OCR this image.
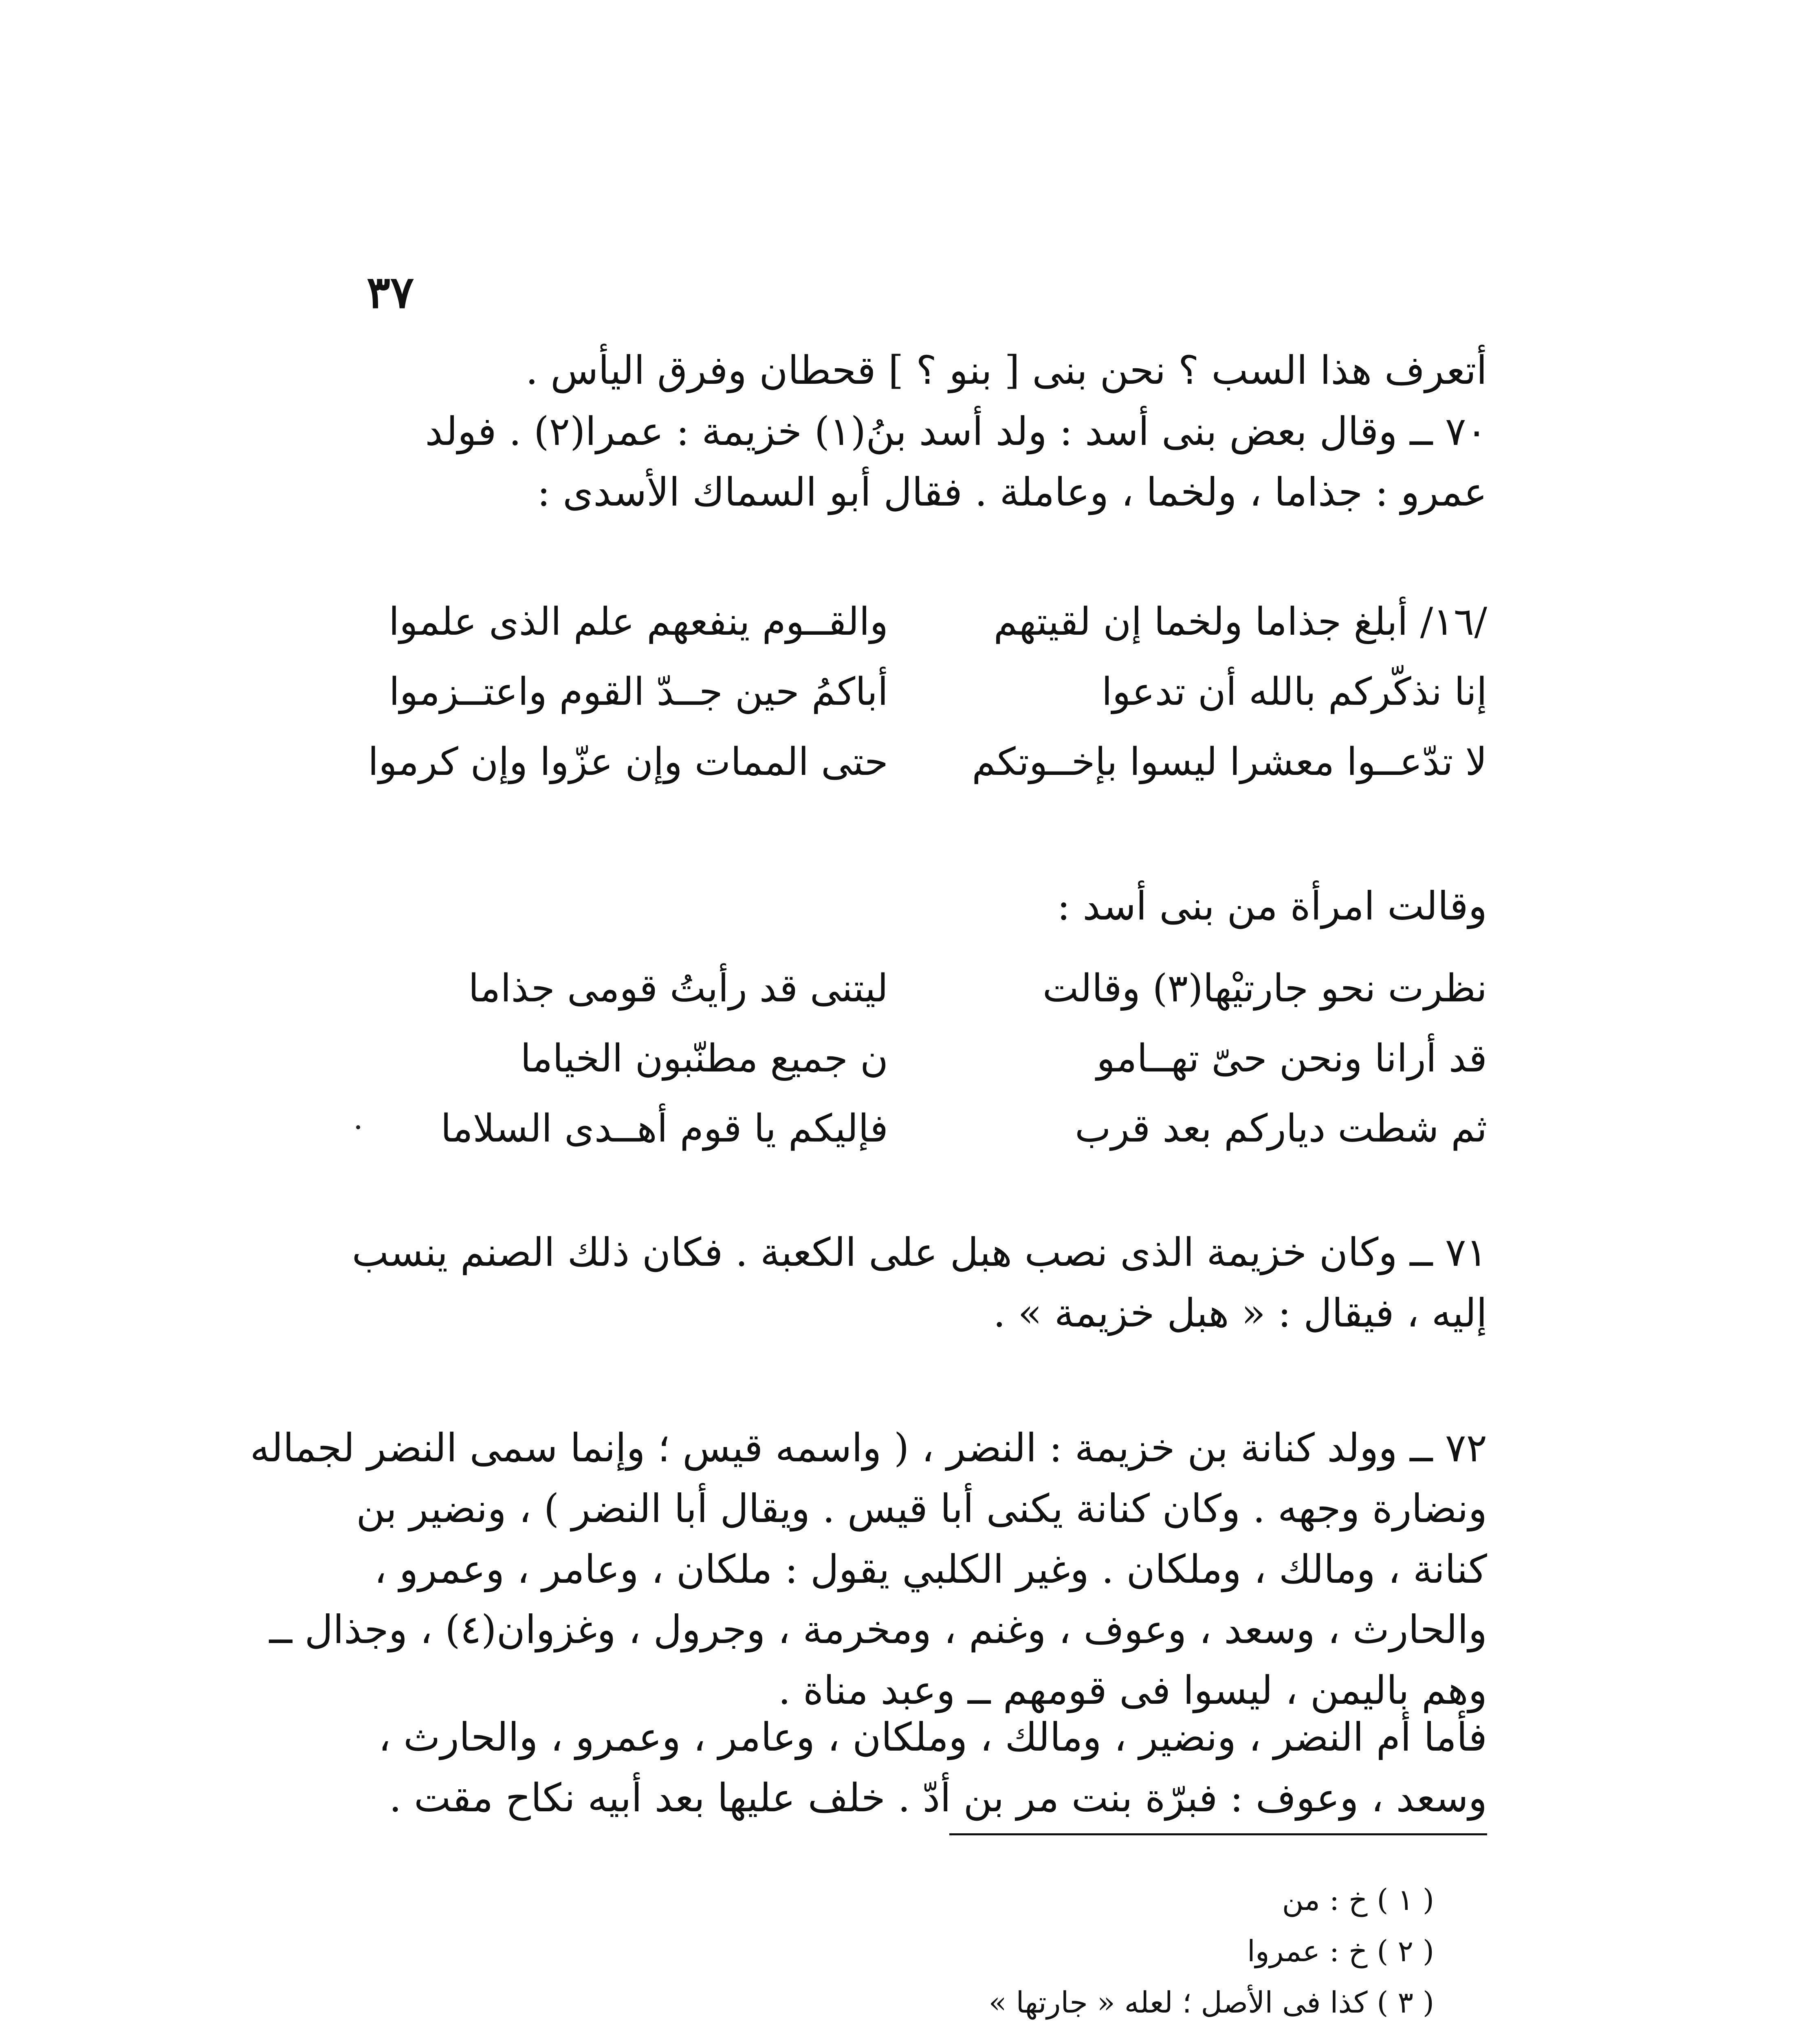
٣٧
أتعرف هذا السب ؟ نحن بنى [ بنو ؟ ] قحطان وفرق اليأس .
٧٠ ــ وقال بعض بنى أسد : ولد أسد بنُ(١) خزيمة : عمرا(٢) . فولد
عمرو : جذاما ، ولخما ، وعاملة . فقال أبو السماك الأسدى :
/١٦/ أبلغ جذاما ولخما إن لقيتهم
والقــوم ينفعهم علم الذى علموا
إنا نذكّركم بالله أن تدعوا
أباكمُ حين جــدّ القوم واعتــزموا
لا تدّعــوا معشرا ليسوا بإخــوتكم
حتى الممات وإن عزّوا وإن كرموا
وقالت امرأة من بنى أسد :
نظرت نحو جارتيْها(٣) وقالت
ليتنى قد رأيتُ قومى جذاما
قد أرانا ونحن حىّ تهــامو
ن جميع مطنّبون الخياما
ثم شطت دياركم بعد قرب
فإليكم يا قوم أهــدى السلاما
٧١ ــ وكان خزيمة الذى نصب هبل على الكعبة . فكان ذلك الصنم ينسب
إليه ، فيقال : « هبل خزيمة » .
٧٢ ــ وولد كنانة بن خزيمة : النضر ، ( واسمه قيس ؛ وإنما سمى النضر لجماله
ونضارة وجهه . وكان كنانة يكنى أبا قيس . ويقال أبا النضر ) ، ونضير بن
كنانة ، ومالك ، وملكان . وغير الكلبي يقول : ملكان ، وعامر ، وعمرو ،
والحارث ، وسعد ، وعوف ، وغنم ، ومخرمة ، وجرول ، وغزوان(٤) ، وجذال ــ
وهم باليمن ، ليسوا فى قومهم ــ وعبد مناة .
فأما أم النضر ، ونضير ، ومالك ، وملكان ، وعامر ، وعمرو ، والحارث ،
وسعد ، وعوف : فبرّة بنت مر بن أدّ . خلف عليها بعد أبيه نكاح مقت .
( ١ ) خ : من
( ٢ ) خ : عمروا
( ٣ ) كذا فى الأصل ؛ لعله « جارتها »
